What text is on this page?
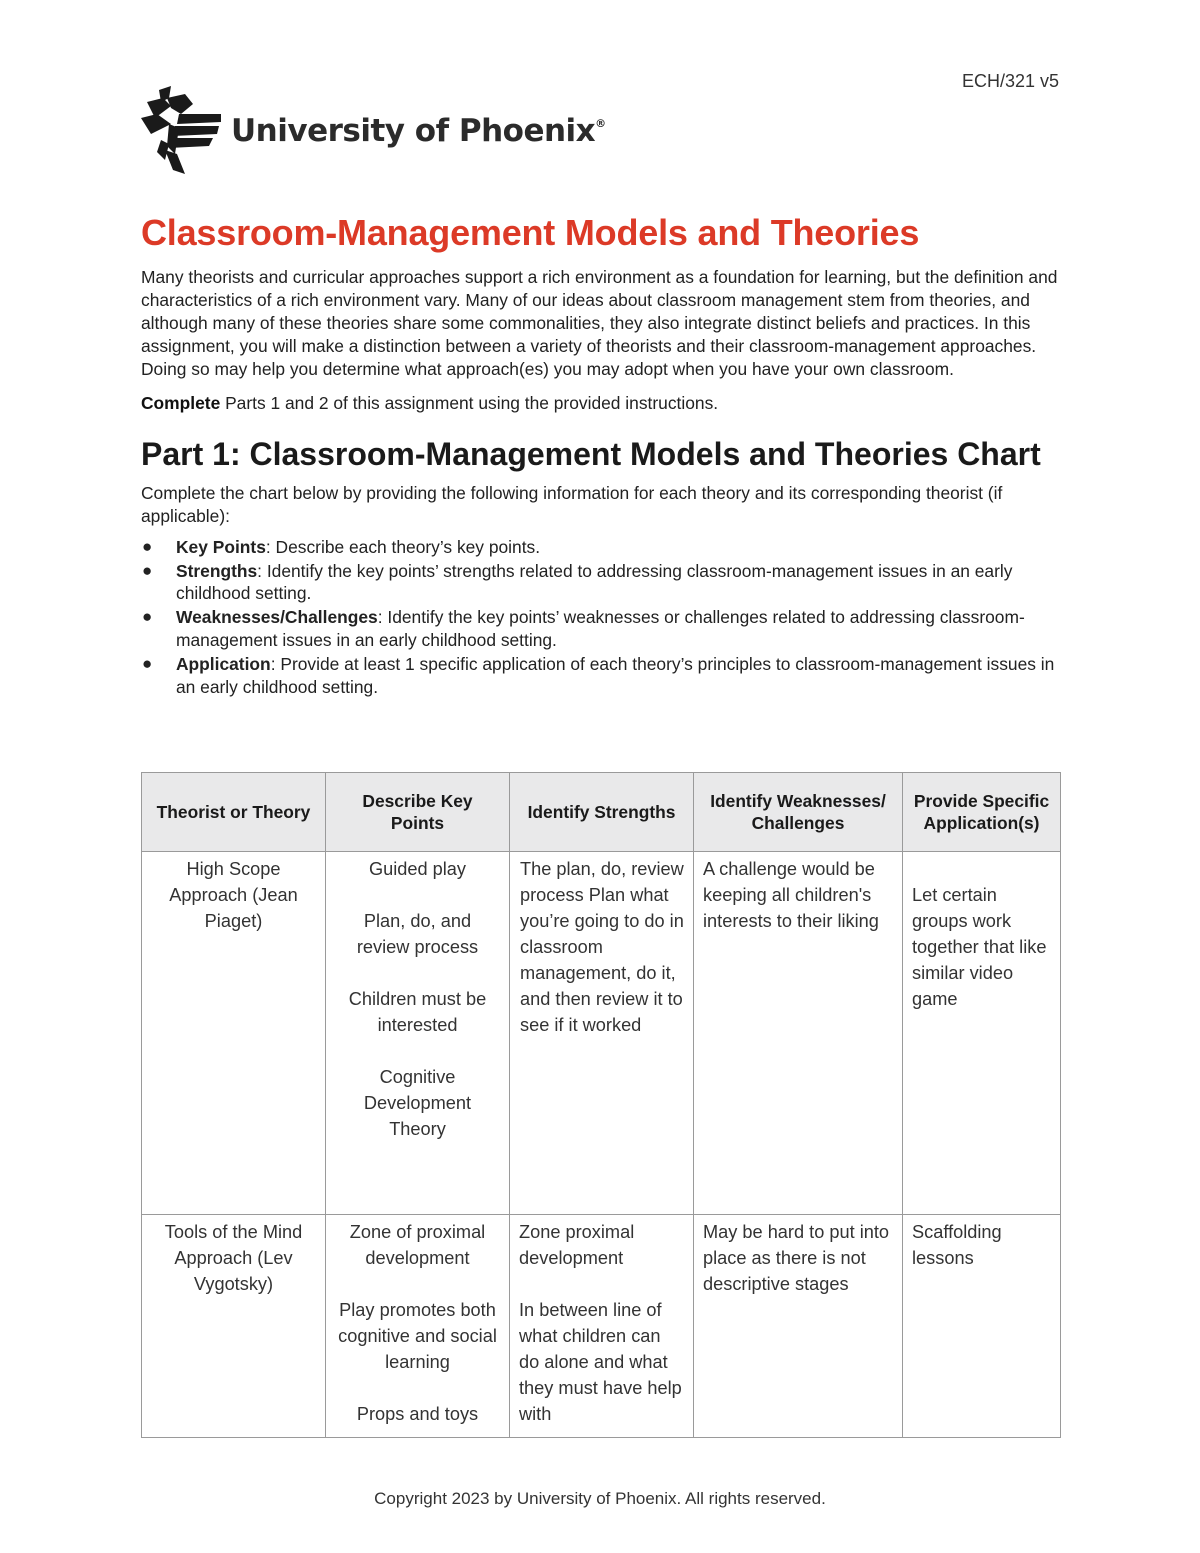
ECH/321 v5
University of Phoenix®
Classroom-Management Models and Theories

Many theorists and curricular approaches support a rich environment as a foundation for learning, but the definition and characteristics of a rich environment vary. Many of our ideas about classroom management stem from theories, and although many of these theories share some commonalities, they also integrate distinct beliefs and practices. In this assignment, you will make a distinction between a variety of theorists and their classroom-management approaches. Doing so may help you determine what approach(es) you may adopt when you have your own classroom.

Complete Parts 1 and 2 of this assignment using the provided instructions.

Part 1: Classroom-Management Models and Theories Chart

Complete the chart below by providing the following information for each theory and its corresponding theorist (if applicable):

● Key Points: Describe each theory’s key points.
● Strengths: Identify the key points’ strengths related to addressing classroom-management issues in an early childhood setting.
● Weaknesses/Challenges: Identify the key points’ weaknesses or challenges related to addressing classroom-management issues in an early childhood setting.
● Application: Provide at least 1 specific application of each theory’s principles to classroom-management issues in an early childhood setting.
Theorist or Theory	Describe Key Points	Identify Strengths	Identify Weaknesses/ Challenges	Provide Specific Application(s)
High Scope Approach (Jean Piaget)	Guided play
Plan, do, and review process
Children must be interested
Cognitive Development Theory	The plan, do, review process Plan what you’re going to do in classroom management, do it, and then review it to see if it worked	A challenge would be keeping all children's interests to their liking	Let certain groups work together that like similar video game
Tools of the Mind Approach (Lev Vygotsky)	Zone of proximal development
Play promotes both cognitive and social learning
Props and toys	Zone proximal development
In between line of what children can do alone and what they must have help with	May be hard to put into place as there is not descriptive stages	Scaffolding lessons
Copyright 2023 by University of Phoenix. All rights reserved.
